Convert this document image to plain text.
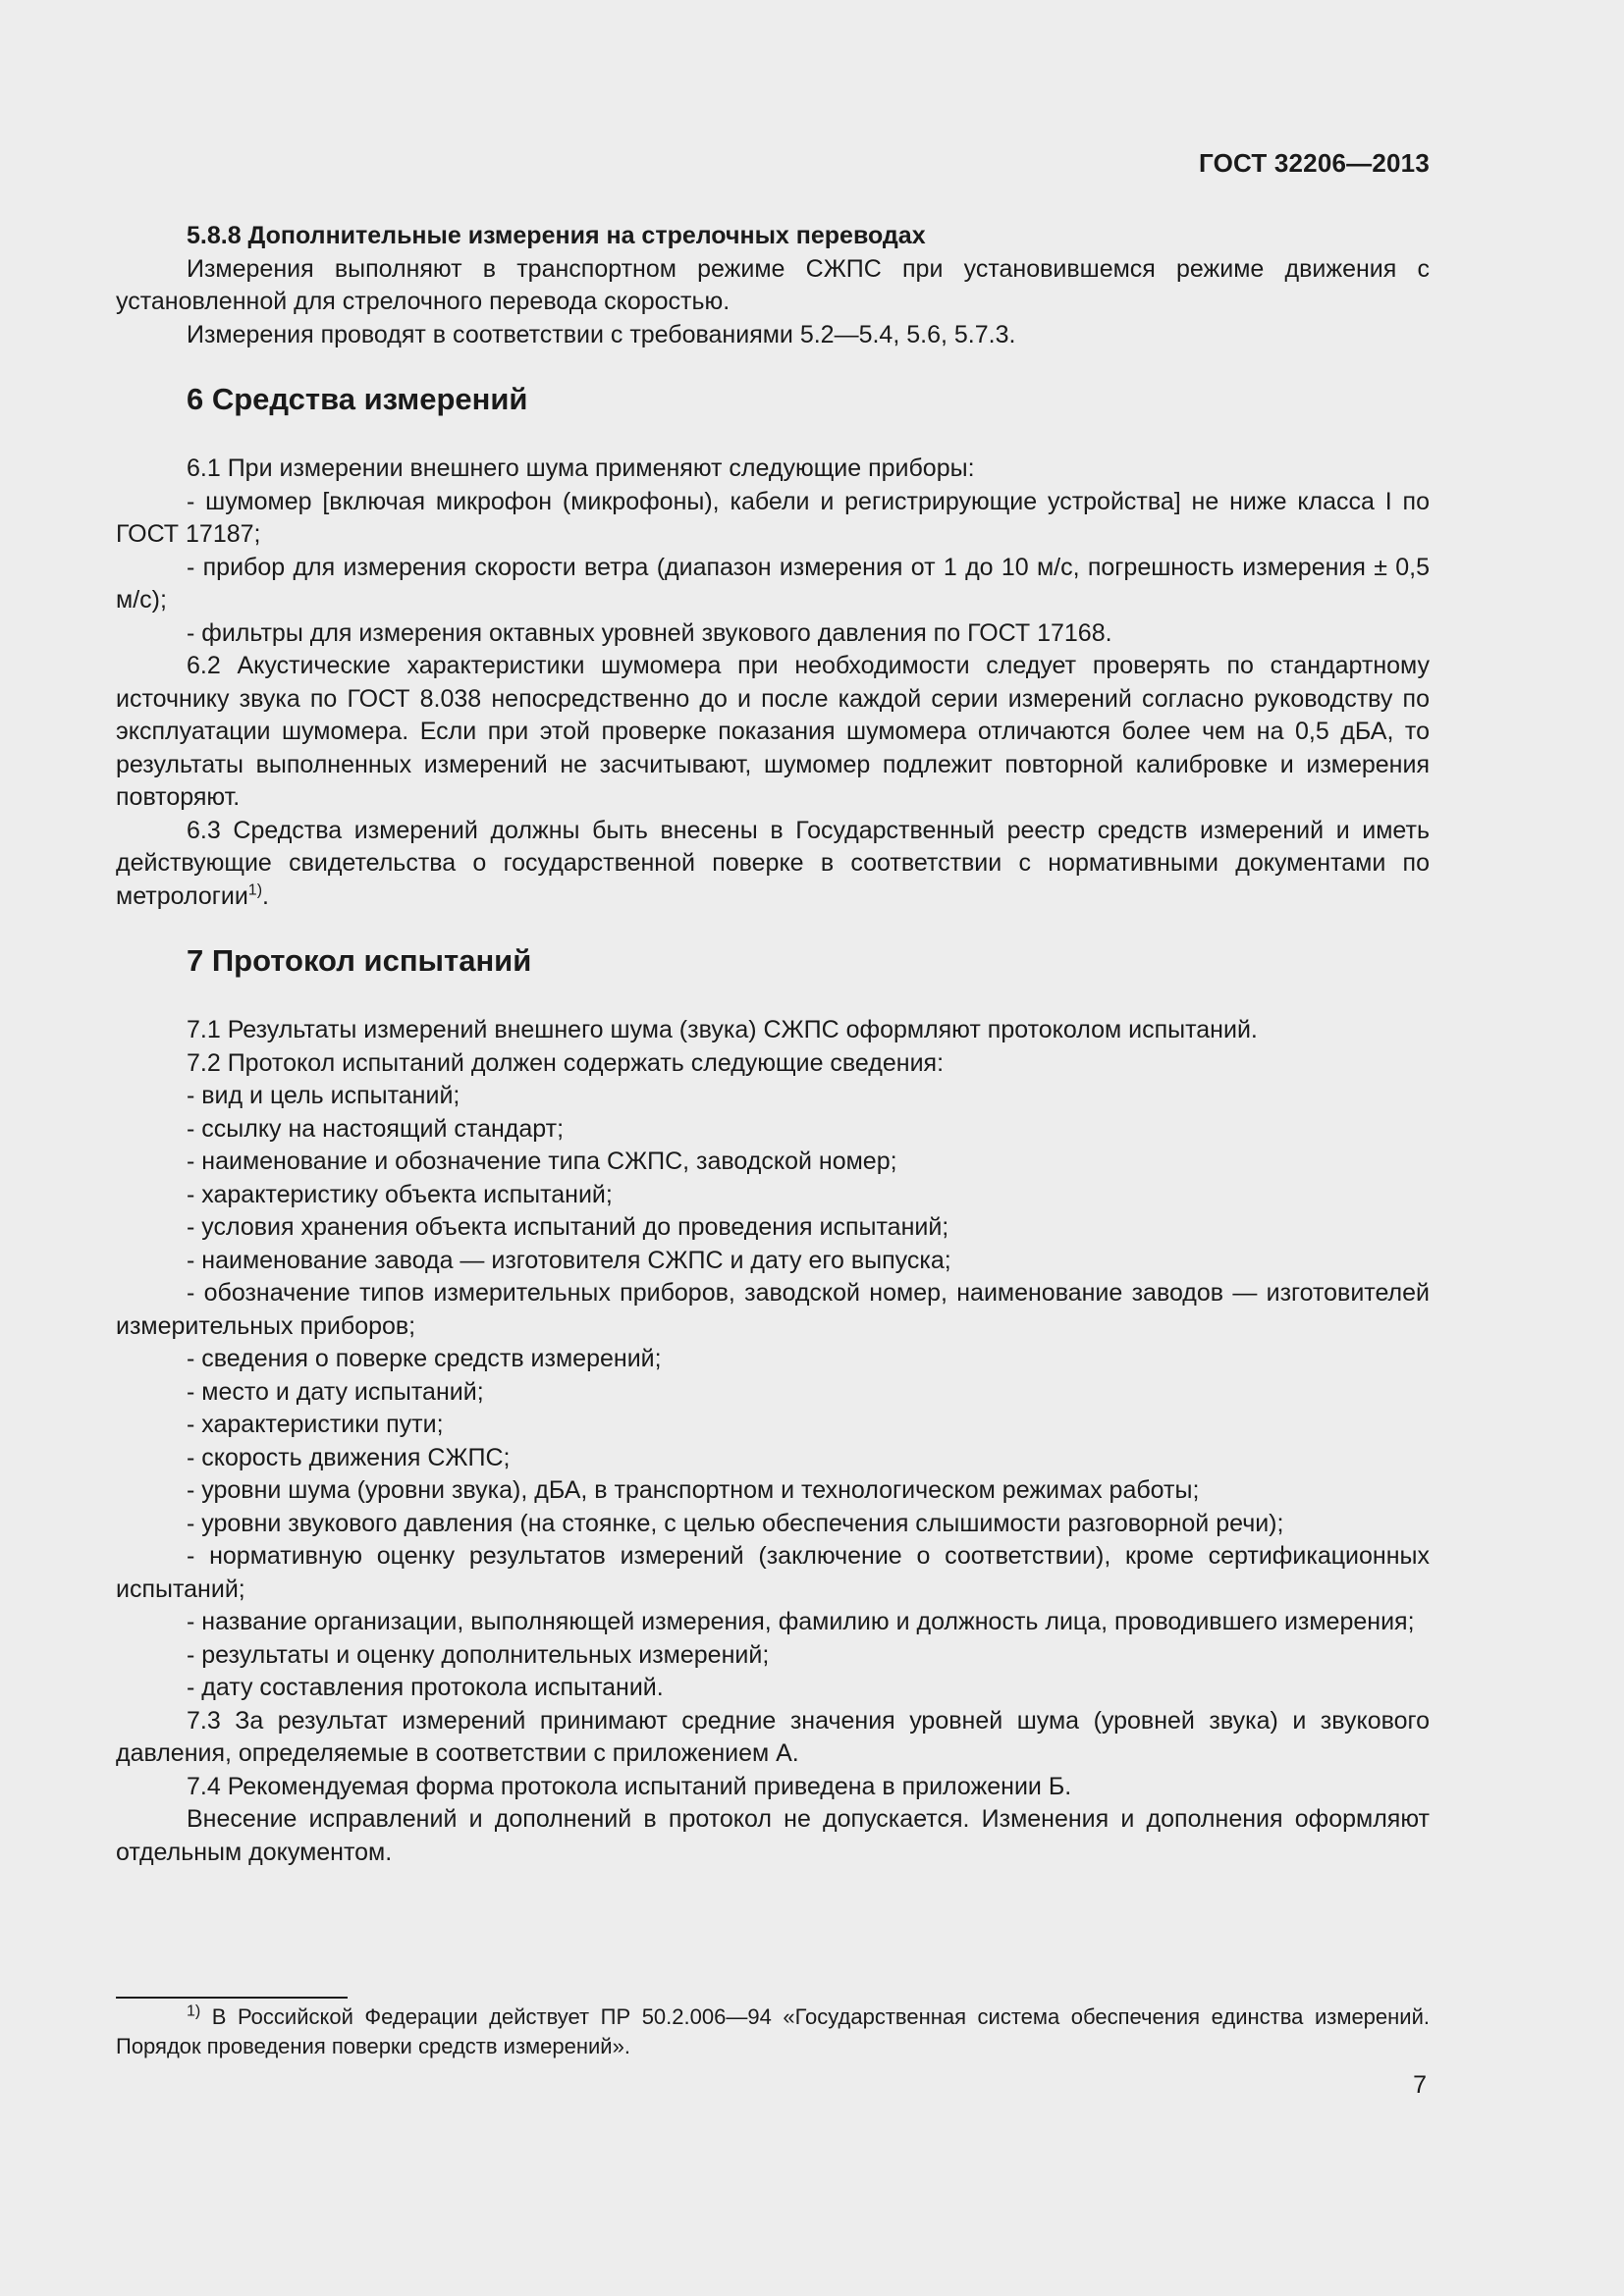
ГОСТ 32206—2013

5.8.8 Дополнительные измерения на стрелочных переводах

Измерения выполняют в транспортном режиме СЖПС при установившемся режиме движения с установленной для стрелочного перевода скоростью.

Измерения проводят в соответствии с требованиями 5.2—5.4, 5.6, 5.7.3.

6 Средства измерений

6.1 При измерении внешнего шума применяют следующие приборы:

- шумомер [включая микрофон (микрофоны), кабели и регистрирующие устройства] не ниже класса I по ГОСТ 17187;

- прибор для измерения скорости ветра (диапазон измерения от 1 до 10 м/с, погрешность измерения ± 0,5 м/с);

- фильтры для измерения октавных уровней звукового давления по ГОСТ 17168.

6.2 Акустические характеристики шумомера при необходимости следует проверять по стандартному источнику звука по ГОСТ 8.038 непосредственно до и после каждой серии измерений согласно руководству по эксплуатации шумомера. Если при этой проверке показания шумомера отличаются более чем на 0,5 дБА, то результаты выполненных измерений не засчитывают, шумомер подлежит повторной калибровке и измерения повторяют.

6.3 Средства измерений должны быть внесены в Государственный реестр средств измерений и иметь действующие свидетельства о государственной поверке в соответствии с нормативными документами по метрологии$^{1)}$.

7 Протокол испытаний

7.1 Результаты измерений внешнего шума (звука) СЖПС оформляют протоколом испытаний.

7.2 Протокол испытаний должен содержать следующие сведения:

- вид и цель испытаний;

- ссылку на настоящий стандарт;

- наименование и обозначение типа СЖПС, заводской номер;

- характеристику объекта испытаний;

- условия хранения объекта испытаний до проведения испытаний;

- наименование завода — изготовителя СЖПС и дату его выпуска;

- обозначение типов измерительных приборов, заводской номер, наименование заводов — изготовителей измерительных приборов;

- сведения о поверке средств измерений;

- место и дату испытаний;

- характеристики пути;

- скорость движения СЖПС;

- уровни шума (уровни звука), дБА, в транспортном и технологическом режимах работы;

- уровни звукового давления (на стоянке, с целью обеспечения слышимости разговорной речи);

- нормативную оценку результатов измерений (заключение о соответствии), кроме сертификационных испытаний;

- название организации, выполняющей измерения, фамилию и должность лица, проводившего измерения;

- результаты и оценку дополнительных измерений;

- дату составления протокола испытаний.

7.3 За результат измерений принимают средние значения уровней шума (уровней звука) и звукового давления, определяемые в соответствии с приложением А.

7.4 Рекомендуемая форма протокола испытаний приведена в приложении Б.

Внесение исправлений и дополнений в протокол не допускается. Изменения и дополнения оформляют отдельным документом.

$^{1)}$ В Российской Федерации действует ПР 50.2.006—94 «Государственная система обеспечения единства измерений. Порядок проведения поверки средств измерений».

7
